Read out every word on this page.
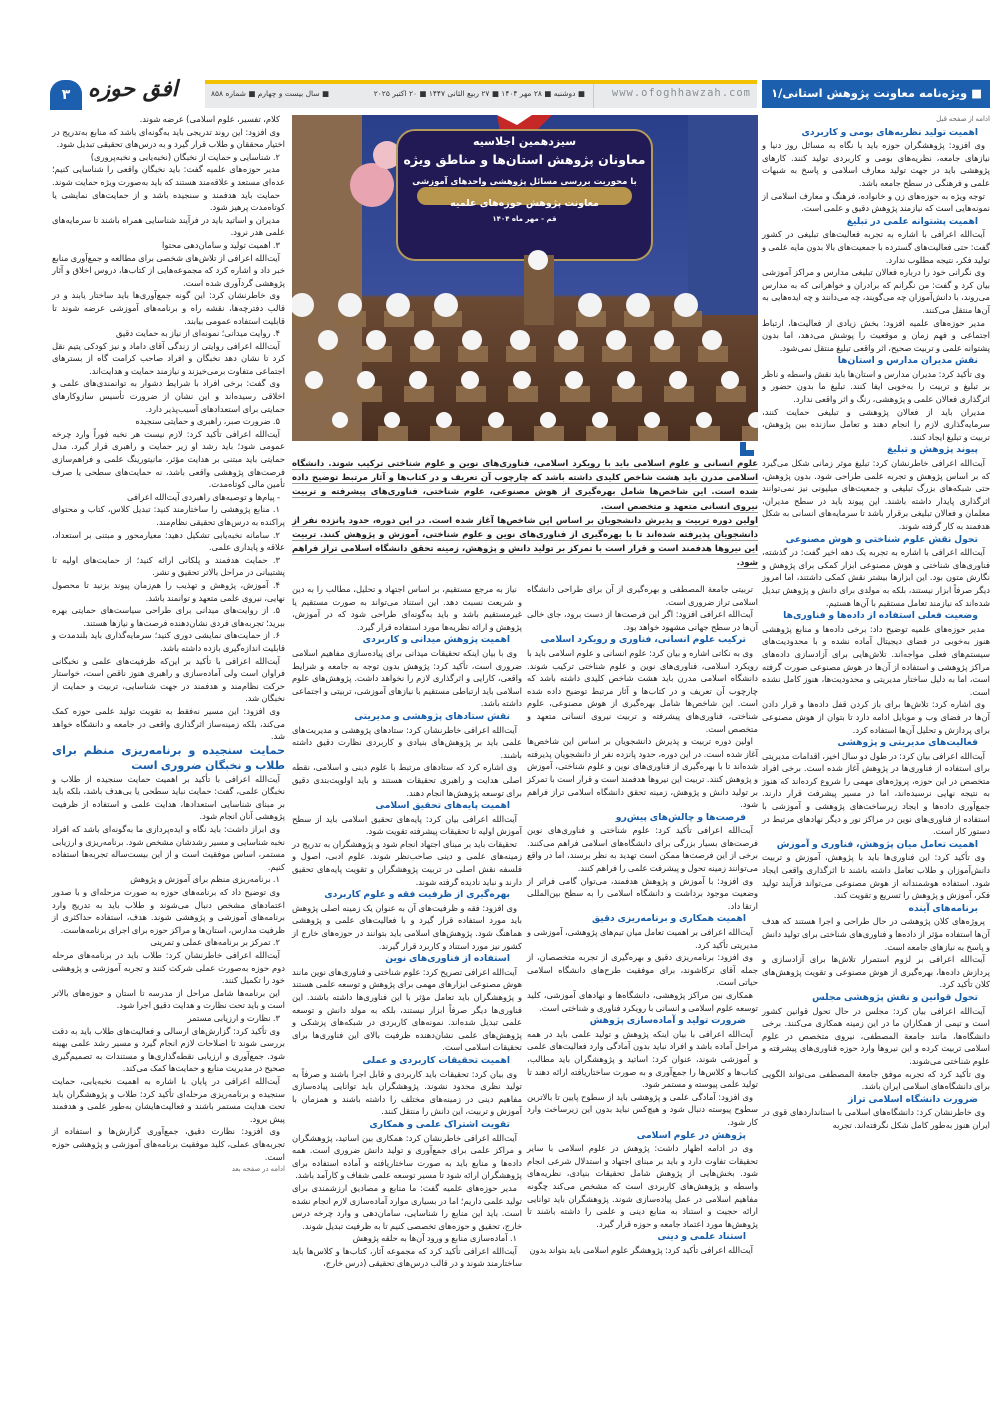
■ ویژه‌نامه معاونت پژوهش استانی/۱
www.ofoghhawzah.com
■ دوشنبه ■ ۲۸ مهر ۱۴۰۴ ■ ۲۷ ربیع الثانی ۱۴۴۷ ■ ۲۰ اکتبر ۲۰۲۵
■ سال بیست و چهارم ■ شماره ۸۵۸
۳ افق حوزه
سیزدهمین اجلاسیه
معاونان پژوهش استان‌ها و مناطق ویژه
با محوریت بررسی مسائل پژوهشی واحدهای آموزشی
معاونت پژوهش حوزه‌های علمیه
قم - مهر ماه ۱۴۰۴

علوم انسانی و علوم اسلامی باید با رویکرد اسلامی، فناوری‌های نوین و علوم شناختی ترکیب شوند. دانشگاه اسلامی مدرن باید هشت شاخص کلیدی داشته باشد که چارچوب آن تعریف و در کتاب‌ها و آثار مرتبط توضیح داده شده است. این شاخص‌ها شامل بهره‌گیری از هوش مصنوعی، علوم شناختی، فناوری‌های پیشرفته و تربیت نیروی انسانی متعهد و متخصص است.

اولین دوره تربیت و پذیرش دانشجویان بر اساس این شاخص‌ها آغاز شده است. در این دوره، حدود پانزده نفر از دانشجویان پذیرفته شده‌اند تا با بهره‌گیری از فناوری‌های نوین و علوم شناختی، آموزش و پژوهش کنند. تربیت این نیروها هدفمند است و قرار است با تمرکز بر تولید دانش و پژوهش، زمینه تحقق دانشگاه اسلامی تراز فراهم شود.

ادامه از صفحه قبل

اهمیت تولید نظریه‌های بومی و کاربردی

وی افزود: پژوهشگران حوزه باید با نگاه به مسائل روز دنیا و نیازهای جامعه، نظریه‌های بومی و کاربردی تولید کنند. کارهای پژوهشی باید در جهت تولید معارف اسلامی و پاسخ به شبهات علمی و فرهنگی در سطح جامعه باشد.

توجه ویژه به حوزه‌های زن و خانواده، فرهنگ و معارف اسلامی از نمونه‌هایی است که نیازمند پژوهش دقیق و علمی است.

اهمیت پشتوانه علمی در تبلیغ

آیت‌الله اعرافی با اشاره به تجربه فعالیت‌های تبلیغی در کشور گفت: حتی فعالیت‌های گسترده با جمعیت‌های بالا بدون مایه علمی و تولید فکر، نتیجه مطلوب ندارد.

وی نگرانی خود را درباره فعالان تبلیغی مدارس و مراکز آموزشی بیان کرد و گفت: من نگرانم که برادران و خواهرانی که به مدارس می‌روند، با دانش‌آموزان چه می‌گویند، چه می‌دانند و چه ایده‌هایی به آن‌ها منتقل می‌کنند.

مدیر حوزه‌های علمیه افزود: بخش زیادی از فعالیت‌ها، ارتباط اجتماعی و فهم زمان و موقعیت را پوشش می‌دهد، اما بدون پشتوانه علمی و تربیت صحیح، اثر واقعی تبلیغ منتقل نمی‌شود.

نقش مدیران مدارس و استان‌ها

وی تأکید کرد: مدیران مدارس و استان‌ها باید نقش واسطه و ناظر بر تبلیغ و تربیت را به‌خوبی ایفا کنند. تبلیغ ما بدون حضور و اثرگذاری فعالان علمی و پژوهشی، رنگ و اثر واقعی ندارد.

مدیران باید از فعالان پژوهشی و تبلیغی حمایت کنند، سرمایه‌گذاری لازم را انجام دهند و تعامل سازنده بین پژوهش، تربیت و تبلیغ ایجاد کنند.

پیوند پژوهش و تبلیغ

آیت‌الله اعرافی خاطرنشان کرد: تبلیغ موثر زمانی شکل می‌گیرد که بر اساس پژوهش و تجربه علمی طراحی شود. بدون پژوهش، حتی شبکه‌های بزرگ تبلیغی و جمعیت‌های میلیونی نیز نمی‌توانند اثرگذاری پایدار داشته باشند. این پیوند باید در سطح مدیران، معلمان و فعالان تبلیغی برقرار باشد تا سرمایه‌های انسانی به شکل هدفمند به کار گرفته شوند.

تحول نقش علوم شناختی و هوش مصنوعی

آیت‌الله اعرافی با اشاره به تجربه یک دهه اخیر گفت: در گذشته، فناوری‌های شناختی و هوش مصنوعی ابزار کمکی برای پژوهش و نگارش متون بود. این ابزارها بیشتر نقش کمکی داشتند، اما امروز دیگر صرفاً ابزار نیستند، بلکه به مولدی برای دانش و پژوهش تبدیل شده‌اند که نیازمند تعامل مستقیم با آن‌ها هستیم.

وضعیت فعلی استفاده از داده‌ها و فناوری‌ها

مدیر حوزه‌های علمیه توضیح داد: برخی داده‌ها و منابع پژوهشی هنوز به‌خوبی در فضای دیجیتال آماده نشده و با محدودیت‌های سیستم‌های فعلی مواجه‌اند. تلاش‌هایی برای آزادسازی داده‌های مراکز پژوهشی و استفاده از آن‌ها در هوش مصنوعی صورت گرفته است، اما به دلیل ساختار مدیریتی و محدودیت‌ها، هنوز کامل نشده است.

وی اشاره کرد: تلاش‌ها برای باز کردن قفل داده‌ها و قرار دادن آن‌ها در فضای وب و موبایل ادامه دارد تا بتوان از هوش مصنوعی برای پردازش و تحلیل آن‌ها استفاده کرد.

فعالیت‌های مدیریتی و پژوهشی

آیت‌الله اعرافی بیان کرد: در طول دو سال اخیر، اقدامات مدیریتی برای استفاده از فناوری‌ها در پژوهش آغاز شده است. برخی افراد متخصص در این حوزه، پروژه‌های مهمی را شروع کرده‌اند که هنوز به نتیجه نهایی نرسیده‌اند، اما در مسیر پیشرفت قرار دارند. جمع‌آوری داده‌ها و ایجاد زیرساخت‌های پژوهشی و آموزشی با استفاده از فناوری‌های نوین در مراکز نور و دیگر نهادهای مرتبط در دستور کار است.

اهمیت تعامل میان پژوهش، فناوری و آموزش

وی تأکید کرد: این فناوری‌ها باید با پژوهش، آموزش و تربیت دانش‌آموزان و طلاب تعامل داشته باشند تا اثرگذاری واقعی ایجاد شود. استفاده هوشمندانه از هوش مصنوعی می‌تواند فرآیند تولید فکر، آموزش و پژوهش را تسریع و تقویت کند.

برنامه‌های آینده

پروژه‌های کلان پژوهشی در حال طراحی و اجرا هستند که هدف آن‌ها استفاده مؤثر از داده‌ها و فناوری‌های شناختی برای تولید دانش و پاسخ به نیازهای جامعه است.

آیت‌الله اعرافی بر لزوم استمرار تلاش‌ها برای آزادسازی و پردازش داده‌ها، بهره‌گیری از هوش مصنوعی و تقویت پژوهش‌های کلان تأکید کرد.

تحول قوانین و نقش پژوهشی مجلس

آیت‌الله اعرافی بیان کرد: مجلس در حال تحول قوانین کشور است و تیمی از همکاران ما در این زمینه همکاری می‌کنند. برخی دانشگاه‌ها، مانند جامعة المصطفی، نیروی متخصص در علوم اسلامی تربیت کرده و این نیروها وارد حوزه فناوری‌های پیشرفته و علوم شناختی می‌شوند.

وی تأکید کرد که تجربه موفق جامعة المصطفی می‌تواند الگویی برای دانشگاه‌های اسلامی ایران باشد.

ضرورت دانشگاه اسلامی تراز

وی خاطرنشان کرد: دانشگاه‌های اسلامی با استانداردهای قوی در ایران هنوز به‌طور کامل شکل نگرفته‌اند. تجربه

تربیتی جامعة المصطفی و بهره‌گیری از آن برای طراحی دانشگاه اسلامی تراز ضروری است.

آیت‌الله اعرافی افزود: اگر این فرصت‌ها از دست برود، جای خالی آن‌ها در سطح جهانی مشهود خواهد بود.

ترکیب علوم انسانی، فناوری و رویکرد اسلامی

وی به نکاتی اشاره و بیان کرد: علوم انسانی و علوم اسلامی باید با رویکرد اسلامی، فناوری‌های نوین و علوم شناختی ترکیب شوند. دانشگاه اسلامی مدرن باید هشت شاخص کلیدی داشته باشد که چارچوب آن تعریف و در کتاب‌ها و آثار مرتبط توضیح داده شده است. این شاخص‌ها شامل بهره‌گیری از هوش مصنوعی، علوم شناختی، فناوری‌های پیشرفته و تربیت نیروی انسانی متعهد و متخصص است.

اولین دوره تربیت و پذیرش دانشجویان بر اساس این شاخص‌ها آغاز شده است. در این دوره، حدود پانزده نفر از دانشجویان پذیرفته شده‌اند تا با بهره‌گیری از فناوری‌های نوین و علوم شناختی، آموزش و پژوهش کنند. تربیت این نیروها هدفمند است و قرار است با تمرکز بر تولید دانش و پژوهش، زمینه تحقق دانشگاه اسلامی تراز فراهم شود.

فرصت‌ها و چالش‌های پیش‌رو

آیت‌الله اعرافی تأکید کرد: علوم شناختی و فناوری‌های نوین فرصت‌های بسیار بزرگی برای دانشگاه‌های اسلامی فراهم می‌کنند. برخی از این فرصت‌ها ممکن است تهدید به نظر برسند، اما در واقع می‌توانند زمینه تحول و پیشرفت علمی را فراهم کنند.

وی افزود: با آموزش و پژوهش هدفمند، می‌توان گامی فراتر از وضعیت موجود برداشت و دانشگاه اسلامی را به سطح بین‌المللی ارتقا داد.

اهمیت همکاری و برنامه‌ریزی دقیق

آیت‌الله اعرافی بر اهمیت تعامل میان تیم‌های پژوهشی، آموزشی و مدیریتی تأکید کرد.

وی افزود: برنامه‌ریزی دقیق و بهره‌گیری از تجربه متخصصان، از جمله آقای ترکاشوند، برای موفقیت طرح‌های دانشگاه اسلامی حیاتی است.

همکاری بین مراکز پژوهشی، دانشگاه‌ها و نهادهای آموزشی، کلید توسعه علوم اسلامی و انسانی با رویکرد فناوری و شناختی است.

ضرورت تولید و آماده‌سازی پژوهش

آیت‌الله اعرافی با بیان اینکه پژوهش و تولید علمی باید در همه مراحل آماده باشد و افراد نباید بدون آمادگی وارد فعالیت‌های علمی و آموزشی شوند، عنوان کرد: اساتید و پژوهشگران باید مطالب، کتاب‌ها و کلاس‌ها را جمع‌آوری و به صورت ساختاریافته ارائه دهند تا تولید علمی پیوسته و مستمر شود.

وی افزود: آمادگی علمی و پژوهشی باید از سطوح پایین تا بالاترین سطوح پیوسته دنبال شود و هیچ‌کس نباید بدون این زیرساخت وارد کار شود.

پژوهش در علوم اسلامی

وی در ادامه اظهار داشت: پژوهش در علوم اسلامی با سایر تحقیقات تفاوت دارد و باید بر مبنای اجتهاد و استدلال شرعی انجام شود. بخش‌هایی از پژوهش شامل تحقیقات بنیادی، نظریه‌های واسطه و پژوهش‌های کاربردی است که مشخص می‌کند چگونه مفاهیم اسلامی در عمل پیاده‌سازی شوند. پژوهشگران باید توانایی ارائه حجیت و استناد به منابع دینی و علمی را داشته باشند تا پژوهش‌ها مورد اعتماد جامعه و حوزه قرار گیرد.

استناد علمی و دینی

آیت‌الله اعرافی تأکید کرد: پژوهشگر علوم اسلامی باید بتواند بدون

نیاز به مرجع مستقیم، بر اساس اجتهاد و تحلیل، مطالب را به دین و شریعت نسبت دهد. این استناد می‌تواند به صورت مستقیم یا غیرمستقیم باشد و باید به‌گونه‌ای طراحی شود که در آموزش، پژوهش و ارائه نظریه‌ها مورد استفاده قرار گیرد.

اهمیت پژوهش میدانی و کاربردی

وی با بیان اینکه تحقیقات میدانی برای پیاده‌سازی مفاهیم اسلامی ضروری است، تأکید کرد: پژوهش بدون توجه به جامعه و شرایط واقعی، کارایی و اثرگذاری لازم را نخواهد داشت. پژوهش‌های علوم اسلامی باید ارتباطی مستقیم با نیازهای آموزشی، تربیتی و اجتماعی داشته باشد.

نقش ستادهای پژوهشی و مدیریتی

آیت‌الله اعرافی خاطرنشان کرد: ستادهای پژوهشی و مدیریت‌های علمی باید بر پژوهش‌های بنیادی و کاربردی نظارت دقیق داشته باشند.

وی اشاره کرد که ستادهای مرتبط با علوم دینی و اسلامی، نقطه اصلی هدایت و راهبری تحقیقات هستند و باید اولویت‌بندی دقیق برای توسعه پژوهش‌ها انجام دهند.

اهمیت پایه‌های تحقیق اسلامی

آیت‌الله اعرافی بیان کرد: پایه‌های تحقیق اسلامی باید از سطح آموزش اولیه تا تحقیقات پیشرفته تقویت شود.

تحقیقات باید بر مبنای اجتهاد انجام شود و پژوهشگران به تدریج در زمینه‌های علمی و دینی صاحب‌نظر شوند. علوم ادبی، اصول و فلسفه نقش اصلی در تربیت پژوهشگران و تقویت پایه‌های تحقیق دارند و نباید نادیده گرفته شوند.

بهره‌گیری از ظرفیت فقه و علوم کاربردی

وی افزود: فقه و ظرفیت‌های آن به عنوان یک زمینه اصلی پژوهش باید مورد استفاده قرار گیرد و با فعالیت‌های علمی و پژوهشی هماهنگ شود. پژوهش‌های اسلامی باید بتوانند در حوزه‌های خارج از کشور نیز مورد استناد و کاربرد قرار گیرند.

استفاده از فناوری‌های نوین

آیت‌الله اعرافی تصریح کرد: علوم شناختی و فناوری‌های نوین مانند هوش مصنوعی ابزارهای مهمی برای پژوهش و توسعه علمی هستند و پژوهشگران باید تعامل مؤثر با این فناوری‌ها داشته باشند. این فناوری‌ها دیگر صرفاً ابزار نیستند، بلکه به مولد دانش و توسعه علمی تبدیل شده‌اند. نمونه‌های کاربردی در شبکه‌های پزشکی و پژوهش‌های علمی نشان‌دهنده ظرفیت بالای این فناوری‌ها برای تحقیقات اسلامی است.

اهمیت تحقیقات کاربردی و عملی

وی بیان کرد: تحقیقات باید کاربردی و قابل اجرا باشند و صرفاً به تولید نظری محدود نشوند. پژوهشگران باید توانایی پیاده‌سازی مفاهیم دینی در زمینه‌های مختلف را داشته باشند و همزمان با آموزش و تربیت، این دانش را منتقل کنند.

تقویت اشتراک علمی و همکاری

آیت‌الله اعرافی خاطرنشان کرد: همکاری بین اساتید، پژوهشگران و مراکز علمی برای جمع‌آوری و تولید دانش ضروری است. همه داده‌ها و منابع باید به صورت ساختاریافته و آماده استفاده برای پژوهشگران ارائه شود تا مسیر توسعه علمی شفاف و کارآمد باشد.

مدیر حوزه‌های علمیه گفت: ما منابع و مصادیق ارزشمندی برای تولید علمی داریم؛ اما در بسیاری موارد آماده‌سازی لازم انجام نشده است. باید این منابع را شناسایی، سامان‌دهی و وارد چرخه درس خارج، تحقیق و حوزه‌های تخصصی کنیم تا به ظرفیت تبدیل شوند.

۱. آماده‌سازی منابع و ورود آن‌ها به حلقه پژوهش

آیت‌الله اعرافی تأکید کرد که مجموعه آثار، کتاب‌ها و کلاس‌ها باید ساختارمند شوند و در قالب درس‌های تحقیقی (درس خارج،

کلام، تفسیر، علوم اسلامی) عرضه شوند.

وی افزود: این روند تدریجی باید به‌گونه‌ای باشد که منابع به‌تدریج در اختیار محققان و طلاب قرار گیرد و به درس‌های تحقیقی تبدیل شود.

۲. شناسایی و حمایت از نخبگان (نخبه‌یابی و نخبه‌پروری)

مدیر حوزه‌های علمیه گفت: باید نخبگان واقعی را شناسایی کنیم؛ عده‌ای مستعد و علاقه‌مند هستند که باید به‌صورت ویژه حمایت شوند.

حمایت باید هدفمند و سنجیده باشد و از حمایت‌های نمایشی یا کوتاه‌مدت پرهیز شود.

مدیران و اساتید باید در فرآیند شناسایی همراه باشند تا سرمایه‌های علمی هدر نرود.

۳. اهمیت تولید و سامان‌دهی محتوا

آیت‌الله اعرافی از تلاش‌های شخصی برای مطالعه و جمع‌آوری منابع خبر داد و اشاره کرد که مجموعه‌هایی از کتاب‌ها، دروس اخلاق و آثار پژوهشی گردآوری شده است.

وی خاطرنشان کرد: این گونه جمع‌آوری‌ها باید ساختار یابند و در قالب دفترچه‌ها، نقشه راه و برنامه‌های آموزشی عرضه شوند تا قابلیت استفاده عمومی بیابند.

۴. روایت میدانی؛ نمونه‌ای از نیاز به حمایت دقیق

آیت‌الله اعرافی روایتی از زندگی آقای داماد و نیز کودکی یتیم نقل کرد تا نشان دهد نخبگان و افراد صاحب کرامت گاه از بسترهای اجتماعی متفاوت برمی‌خیزند و نیازمند حمایت و هدایت‌اند.

وی گفت: برخی افراد با شرایط دشوار به توانمندی‌های علمی و اخلاقی رسیده‌اند و این نشان از ضرورت تأسیس سازوکارهای حمایتی برای استعدادهای آسیب‌پذیر دارد.

۵. ضرورت صبر، راهبری و حمایتی سنجیده

آیت‌الله اعرافی تأکید کرد: لازم نیست هر نخبه فوراً وارد چرخه عمومی شود؛ باید رشد او زیر حمایت و راهبری قرار گیرد. مدل حمایتی باید مبتنی بر هدایت مؤثر، مانیتورینگ علمی و فراهم‌سازی فرصت‌های پژوهشی واقعی باشد، نه حمایت‌های سطحی یا صرف تأمین مالی کوتاه‌مدت.

- پیام‌ها و توصیه‌های راهبردی آیت‌الله اعرافی

۱. منابع پژوهشی را ساختارمند کنید: تبدیل کلاس، کتاب و محتوای پراکنده به درس‌های تحقیقی نظام‌مند.

۲. سامانه نخبه‌یابی تشکیل دهید: معیارمحور و مبتنی بر استعداد، علاقه و پایداری علمی.

۳. حمایت هدفمند و پلکانی ارائه کنید؛ از حمایت‌های اولیه تا پشتیبانی در مراحل بالاتر تحقیق و نشر.

۴. آموزش، پژوهش و تهذیب را هم‌زمان پیوند بزنید تا محصول نهایی، نیروی علمی متعهد و توانمند باشد.

۵. از روایت‌های میدانی برای طراحی سیاست‌های حمایتی بهره ببرید؛ تجربه‌های فردی نشان‌دهنده فرصت‌ها و نیازها هستند.

۶. از حمایت‌های نمایشی دوری کنید؛ سرمایه‌گذاری باید بلندمدت و قابلیت اندازه‌گیری بازده داشته باشد.

آیت‌الله اعرافی با تأکید بر این‌که ظرفیت‌های علمی و نخبگانی فراوان است ولی آماده‌سازی و راهبری هنوز ناقص است، خواستار حرکت نظام‌مند و هدفمند در جهت شناسایی، تربیت و حمایت از نخبگان شد.

وی افزود: این مسیر نه‌فقط به تقویت تولید علمی حوزه کمک می‌کند، بلکه زمینه‌ساز اثرگذاری واقعی در جامعه و دانشگاه خواهد شد.

حمایت سنجیده و برنامه‌ریزی منظم برای طلاب و نخبگان ضروری است

آیت‌الله اعرافی با تأکید بر اهمیت حمایت سنجیده از طلاب و نخبگان علمی، گفت: حمایت نباید سطحی یا بی‌هدف باشد، بلکه باید بر مبنای شناسایی استعدادها، هدایت علمی و استفاده از ظرفیت پژوهشی آنان انجام شود.

وی ابراز داشت: باید نگاه و ایده‌پردازی ما به‌گونه‌ای باشد که افراد نخبه شناسایی و مسیر رشدشان مشخص شود. برنامه‌ریزی و ارزیابی مستمر، اساس موفقیت است و از این بیست‌ساله تجربه‌ها استفاده کنیم.

۱. برنامه‌ریزی منظم برای آموزش و پژوهش

وی توضیح داد که برنامه‌های حوزه به صورت مرحله‌ای و با صدور اعتمادهای مشخص دنبال می‌شوند و طلاب باید به تدریج وارد برنامه‌های آموزشی و پژوهشی شوند. هدف، استفاده حداکثری از ظرفیت مدارس، استان‌ها و مراکز حوزه برای اجرای برنامه‌هاست.

۲. تمرکز بر برنامه‌های عملی و تمرینی

آیت‌الله اعرافی خاطرنشان کرد: طلاب باید در برنامه‌های مرحله دوم حوزه به‌صورت عملی شرکت کنند و تجربه آموزشی و پژوهشی خود را تکمیل کنند.

این برنامه‌ها شامل مراحل از مدرسه تا استان و حوزه‌های بالاتر است و باید تحت نظارت و هدایت دقیق اجرا شود.

۳. نظارت و ارزیابی مستمر

وی تأکید کرد: گزارش‌های ارسالی و فعالیت‌های طلاب باید به دقت بررسی شوند تا اصلاحات لازم انجام گیرد و مسیر رشد علمی بهینه شود. جمع‌آوری و ارزیابی نقطه‌گذاری‌ها و مستندات به تصمیم‌گیری صحیح در مدیریت منابع و حمایت‌ها کمک می‌کند.

آیت‌الله اعرافی در پایان با اشاره به اهمیت نخبه‌یابی، حمایت سنجیده و برنامه‌ریزی مرحله‌ای تأکید کرد: طلاب و پژوهشگران باید تحت هدایت مستمر باشند و فعالیت‌هایشان به‌طور علمی و هدفمند پیش برود.

وی افزود: نظارت دقیق، جمع‌آوری گزارش‌ها و استفاده از تجربه‌های عملی، کلید موفقیت برنامه‌های آموزشی و پژوهشی حوزه است.

ادامه در صفحه بعد
